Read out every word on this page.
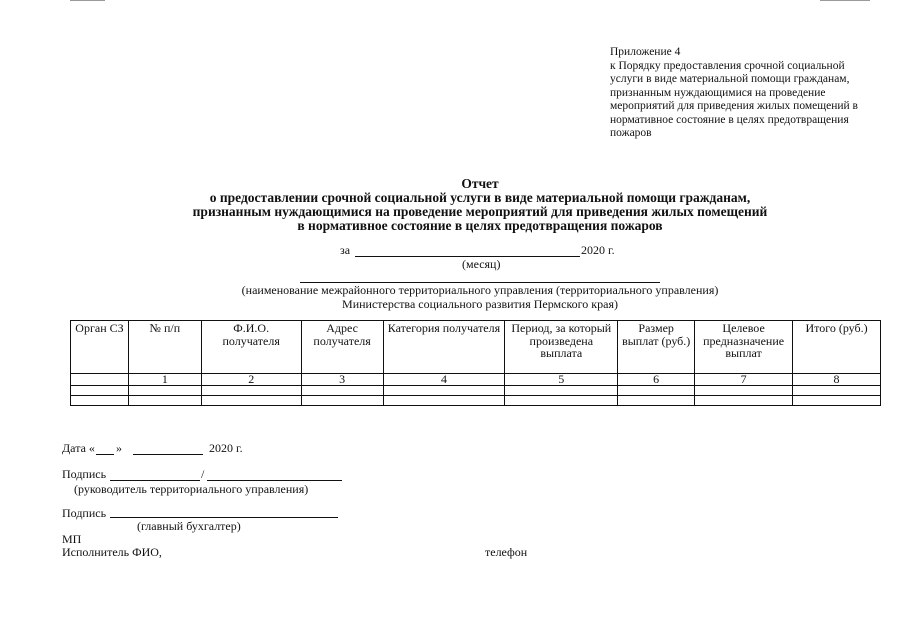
Приложение 4
к Порядку предоставления срочной социальной
услуги в виде материальной помощи гражданам,
признанным нуждающимися на проведение
мероприятий для приведения жилых помещений в
нормативное состояние в целях предотвращения
пожаров
Отчет
о предоставлении срочной социальной услуги в виде материальной помощи гражданам,
признанным нуждающимися на проведение мероприятий для приведения жилых помещений
в нормативное состояние в целях предотвращения пожаров
за	2020 г.
(месяц)
(наименование межрайонного территориального управления (территориального управления)
Министерства социального развития Пермского края)
Орган СЗ	№ п/п	Ф.И.О. получателя	Адрес получателя	Категория получателя	Период, за который произведена выплата	Размер выплат (руб.)	Целевое предназначение выплат	Итого (руб.)
	1	2	3	4	5	6	7	8

Дата « »	2020 г.
Подпись	/
(руководитель территориального управления)
Подпись
(главный бухгалтер)
МП
Исполнитель ФИО,	телефон
